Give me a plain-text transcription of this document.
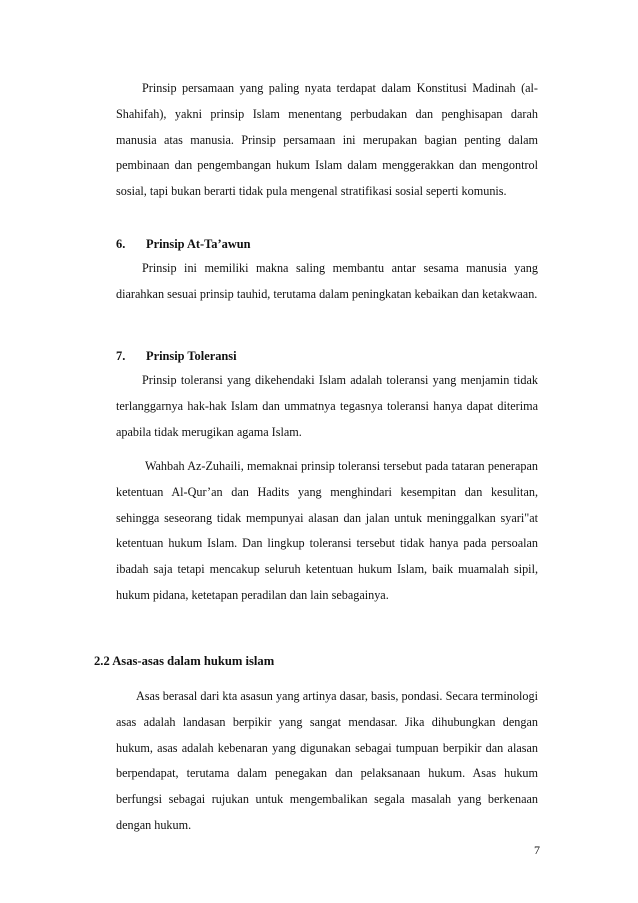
Prinsip persamaan yang paling nyata terdapat dalam Konstitusi Madinah (al-Shahifah), yakni prinsip Islam menentang perbudakan dan penghisapan darah manusia atas manusia. Prinsip persamaan ini merupakan bagian penting dalam pembinaan dan pengembangan hukum Islam dalam menggerakkan dan mengontrol sosial, tapi bukan berarti tidak pula mengenal stratifikasi sosial seperti komunis.

6. Prinsip At-Ta’awun

Prinsip ini memiliki makna saling membantu antar sesama manusia yang diarahkan sesuai prinsip tauhid, terutama dalam peningkatan kebaikan dan ketakwaan.

7. Prinsip Toleransi

Prinsip toleransi yang dikehendaki Islam adalah toleransi yang menjamin tidak terlanggarnya hak-hak Islam dan ummatnya tegasnya toleransi hanya dapat diterima apabila tidak merugikan agama Islam.

Wahbah Az-Zuhaili, memaknai prinsip toleransi tersebut pada tataran penerapan ketentuan Al-Qur’an dan Hadits yang menghindari kesempitan dan kesulitan, sehingga seseorang tidak mempunyai alasan dan jalan untuk meninggalkan syari"at ketentuan hukum Islam. Dan lingkup toleransi tersebut tidak hanya pada persoalan ibadah saja tetapi mencakup seluruh ketentuan hukum Islam, baik muamalah sipil, hukum pidana, ketetapan peradilan dan lain sebagainya.

2.2 Asas-asas dalam hukum islam

Asas berasal dari kta asasun yang artinya dasar, basis, pondasi. Secara terminologi asas adalah landasan berpikir yang sangat mendasar. Jika dihubungkan dengan hukum, asas adalah kebenaran yang digunakan sebagai tumpuan berpikir dan alasan berpendapat, terutama dalam penegakan dan pelaksanaan hukum. Asas hukum berfungsi sebagai rujukan untuk mengembalikan segala masalah yang berkenaan dengan hukum.

7
